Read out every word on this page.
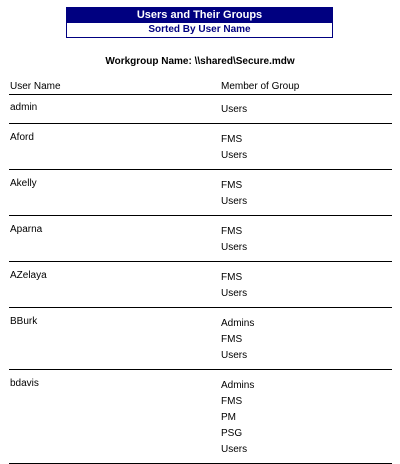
Users and Their Groups
Sorted By User Name
Workgroup Name: \\shared\Secure.mdw
User Name	Member of Group
admin	Users
Aford	FMS
Users
Akelly	FMS
Users
Aparna	FMS
Users
AZelaya	FMS
Users
BBurk	Admins
FMS
Users
bdavis	Admins
FMS
PM
PSG
Users
